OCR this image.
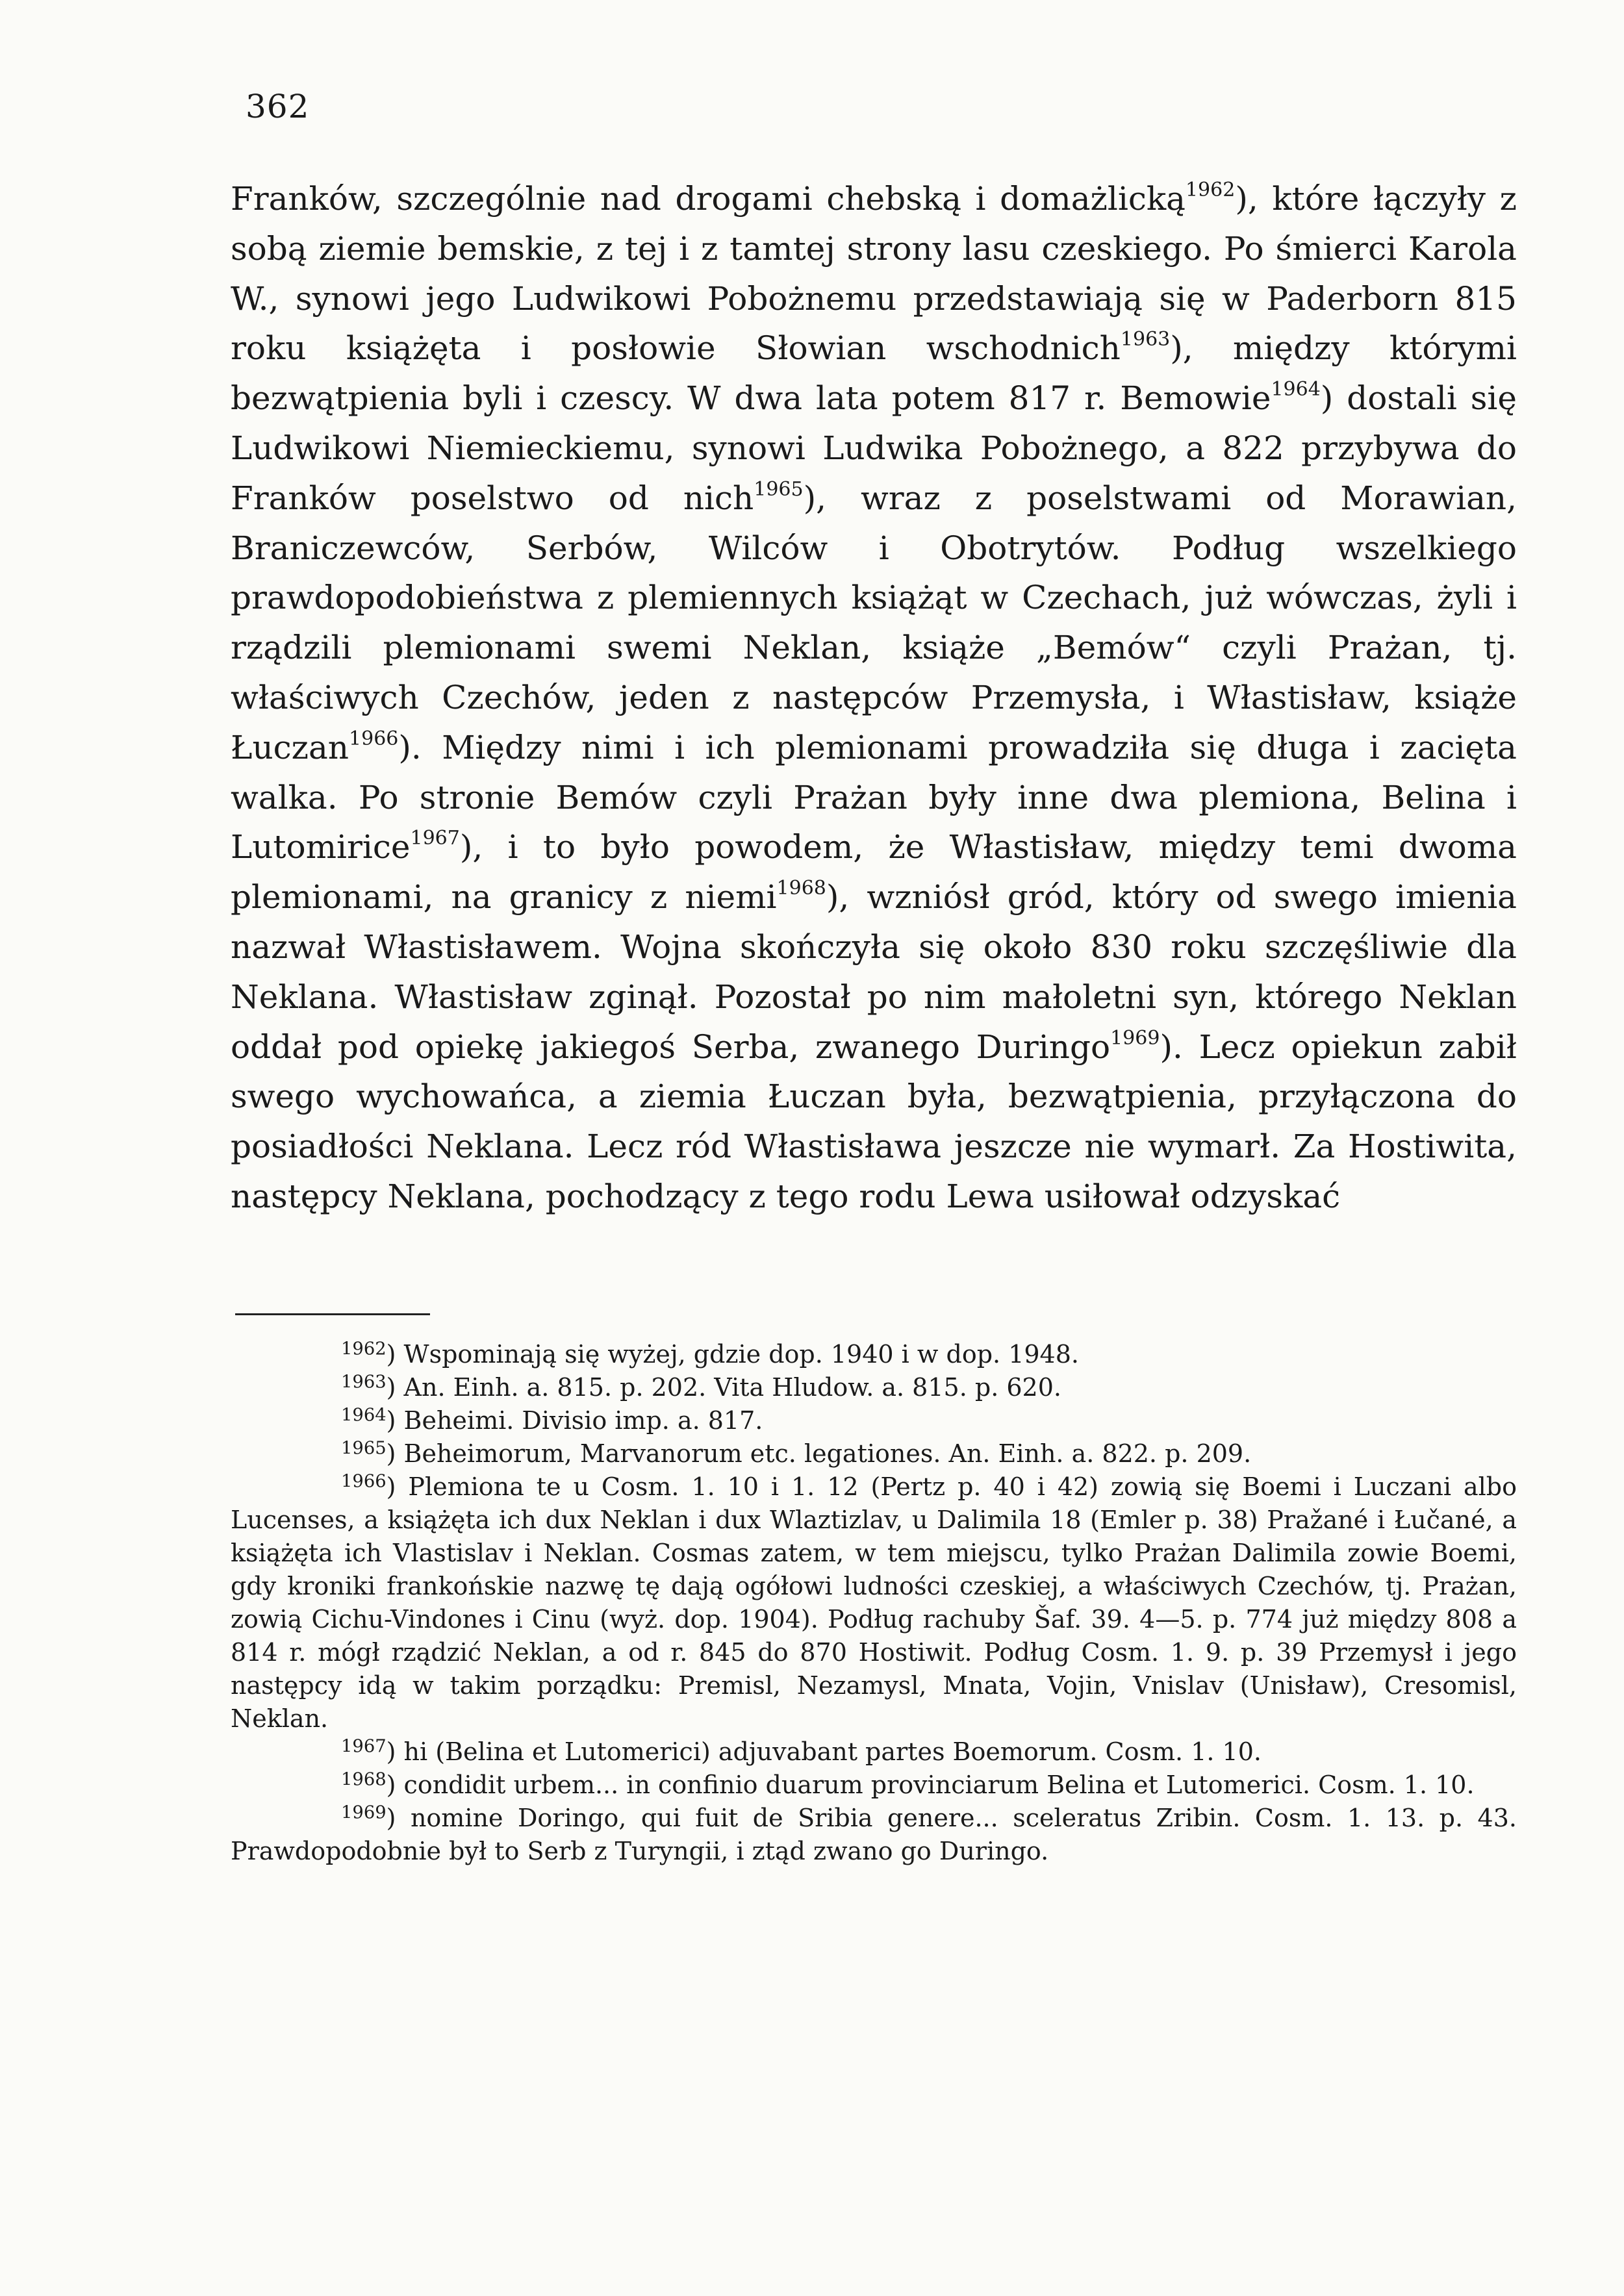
362

Franków, szczególnie nad drogami chebską i domażlicką$^{1962}$), które łączyły z sobą ziemie bemskie, z tej i z tamtej strony lasu czeskiego. Po śmierci Karola W., synowi jego Ludwikowi Pobożnemu przedstawiają się w Paderborn 815 roku książęta i posłowie Słowian wschodnich$^{1963}$), między którymi bezwątpienia byli i czescy. W dwa lata potem 817 r. Bemowie$^{1964}$) dostali się Ludwikowi Niemieckiemu, synowi Ludwika Pobożnego, a 822 przybywa do Franków poselstwo od nich$^{1965}$), wraz z poselstwami od Morawian, Braniczewców, Serbów, Wilców i Obotrytów. Podług wszelkiego prawdopodobieństwa z plemiennych książąt w Czechach, już wówczas, żyli i rządzili plemionami swemi Neklan, książe „Bemów“ czyli Prażan, tj. właściwych Czechów, jeden z następców Przemysła, i Włastisław, książe Łuczan$^{1966}$). Między nimi i ich plemionami prowadziła się długa i zacięta walka. Po stronie Bemów czyli Prażan były inne dwa plemiona, Belina i Lutomirice$^{1967}$), i to było powodem, że Włastisław, między temi dwoma plemionami, na granicy z niemi$^{1968}$), wzniósł gród, który od swego imienia nazwał Włastisławem. Wojna skończyła się około 830 roku szczęśliwie dla Neklana. Włastisław zginął. Pozostał po nim małoletni syn, którego Neklan oddał pod opiekę jakiegoś Serba, zwanego Duringo$^{1969}$). Lecz opiekun zabił swego wychowańca, a ziemia Łuczan była, bezwątpienia, przyłączona do posiadłości Neklana. Lecz ród Włastisława jeszcze nie wymarł. Za Hostiwita, następcy Neklana, pochodzący z tego rodu Lewa usiłował odzyskać

$^{1962}$) Wspominają się wyżej, gdzie dop. 1940 i w dop. 1948.

$^{1963}$) An. Einh. a. 815. p. 202. Vita Hludow. a. 815. p. 620.

$^{1964}$) Beheimi. Divisio imp. a. 817.

$^{1965}$) Beheimorum, Marvanorum etc. legationes. An. Einh. a. 822. p. 209.

$^{1966}$) Plemiona te u Cosm. 1. 10 i 1. 12 (Pertz p. 40 i 42) zowią się Boemi i Luczani albo Lucenses, a książęta ich dux Neklan i dux Wlaztizlav, u Dalimila 18 (Emler p. 38) Pražané i Łučané, a książęta ich Vlastislav i Neklan. Cosmas zatem, w tem miejscu, tylko Prażan Dalimila zowie Boemi, gdy kroniki frankońskie nazwę tę dają ogółowi ludności czeskiej, a właściwych Czechów, tj. Prażan, zowią Cichu-Vindones i Cinu (wyż. dop. 1904). Podług rachuby Šaf. 39. 4—5. p. 774 już między 808 a 814 r. mógł rządzić Neklan, a od r. 845 do 870 Hostiwit. Podług Cosm. 1. 9. p. 39 Przemysł i jego następcy idą w takim porządku: Premisl, Nezamysl, Mnata, Vojin, Vnislav (Unisław), Cresomisl, Neklan.

$^{1967}$) hi (Belina et Lutomerici) adjuvabant partes Boemorum. Cosm. 1. 10.

$^{1968}$) condidit urbem... in confinio duarum provinciarum Belina et Lutomerici. Cosm. 1. 10.

$^{1969}$) nomine Doringo, qui fuit de Sribia genere... sceleratus Zribin. Cosm. 1. 13. p. 43. Prawdopodobnie był to Serb z Turyngii, i ztąd zwano go Duringo.
